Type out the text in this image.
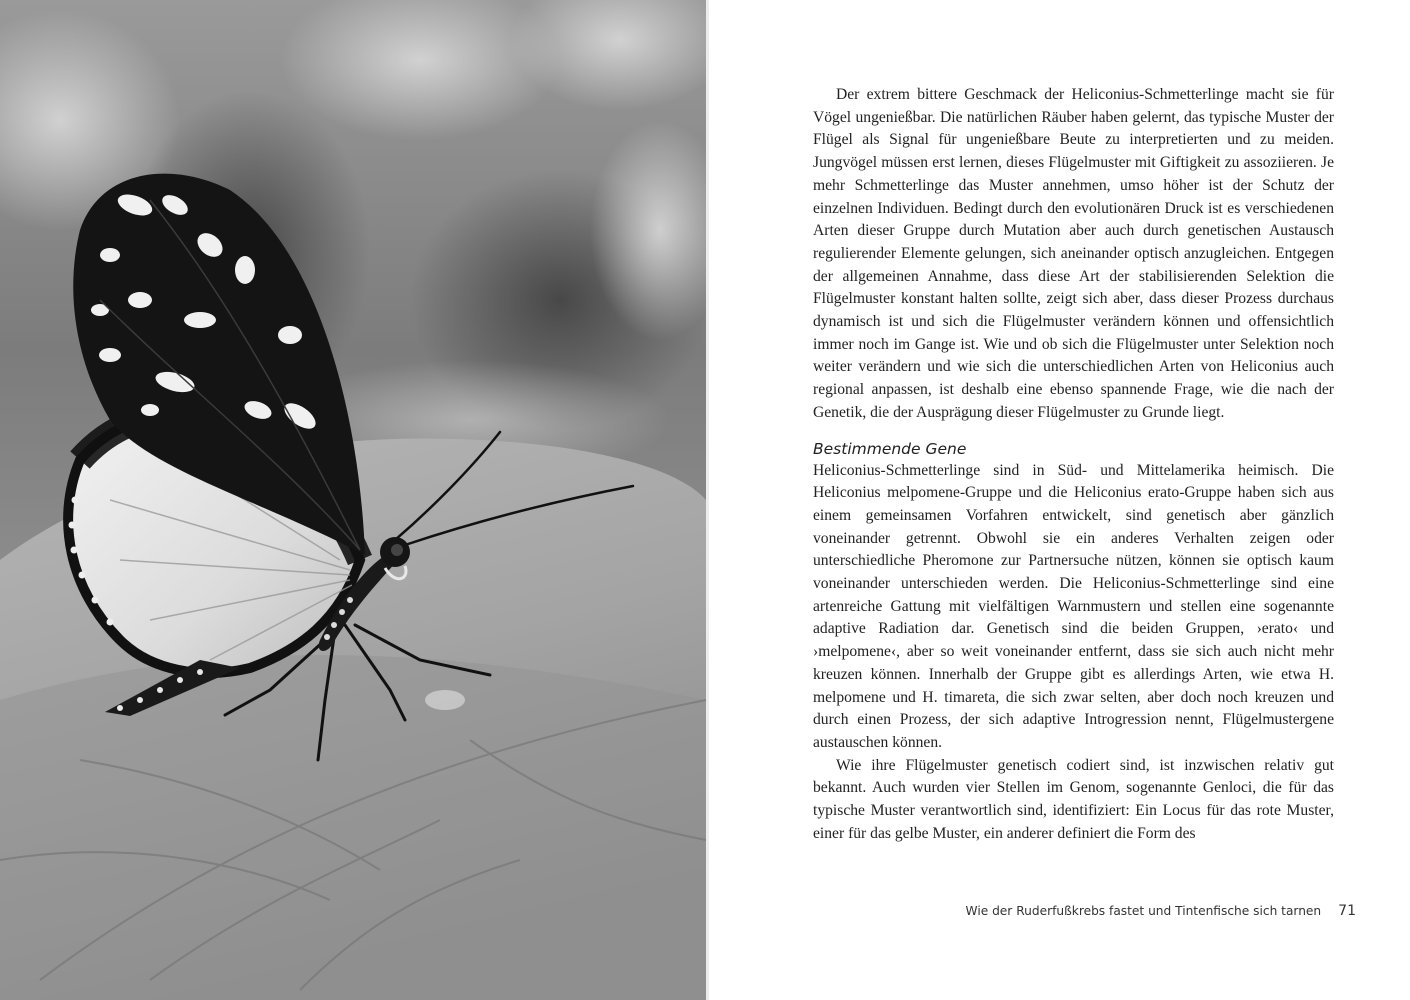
Der extrem bittere Geschmack der Heliconius-Schmetterlinge macht sie für Vögel ungenießbar. Die natürlichen Räuber haben gelernt, das typische Muster der Flügel als Signal für ungenießbare Beute zu interpretierten und zu meiden. Jungvögel müssen erst lernen, dieses Flügelmuster mit Giftigkeit zu assoziieren. Je mehr Schmetterlinge das Muster annehmen, umso höher ist der Schutz der einzelnen Individuen. Bedingt durch den evolutionären Druck ist es verschiedenen Arten dieser Gruppe durch Mutation aber auch durch genetischen Austausch regulierender Elemente gelungen, sich aneinander optisch anzugleichen. Entgegen der allgemeinen Annahme, dass diese Art der stabilisierenden Selektion die Flügelmuster konstant halten sollte, zeigt sich aber, dass dieser Prozess durchaus dynamisch ist und sich die Flügelmuster verändern können und offensichtlich immer noch im Gange ist. Wie und ob sich die Flügelmuster unter Selektion noch weiter verändern und wie sich die unterschiedlichen Arten von Heliconius auch regional anpassen, ist deshalb eine ebenso spannende Frage, wie die nach der Genetik, die der Ausprägung dieser Flügelmuster zu Grunde liegt.

Bestimmende Gene

Heliconius-Schmetterlinge sind in Süd- und Mittelamerika heimisch. Die Heliconius melpomene-Gruppe und die Heliconius erato-Gruppe haben sich aus einem gemeinsamen Vorfahren entwickelt, sind genetisch aber gänzlich voneinander getrennt. Obwohl sie ein anderes Verhalten zeigen oder unterschiedliche Pheromone zur Partnersuche nützen, können sie optisch kaum voneinander unterschieden werden. Die Heliconius-Schmetterlinge sind eine artenreiche Gattung mit vielfältigen Warnmustern und stellen eine sogenannte adaptive Radiation dar. Genetisch sind die beiden Gruppen, ›erato‹ und ›melpomene‹, aber so weit voneinander entfernt, dass sie sich auch nicht mehr kreuzen können. Innerhalb der Gruppe gibt es allerdings Arten, wie etwa H. melpomene und H. timareta, die sich zwar selten, aber doch noch kreuzen und durch einen Prozess, der sich adaptive Introgression nennt, Flügelmustergene austauschen können.

Wie ihre Flügelmuster genetisch codiert sind, ist inzwischen relativ gut bekannt. Auch wurden vier Stellen im Genom, sogenannte Genloci, die für das typische Muster verantwortlich sind, identifiziert: Ein Locus für das rote Muster, einer für das gelbe Muster, ein anderer definiert die Form des

Wie der Ruderfußkrebs fastet und Tintenfische sich tarnen 71
